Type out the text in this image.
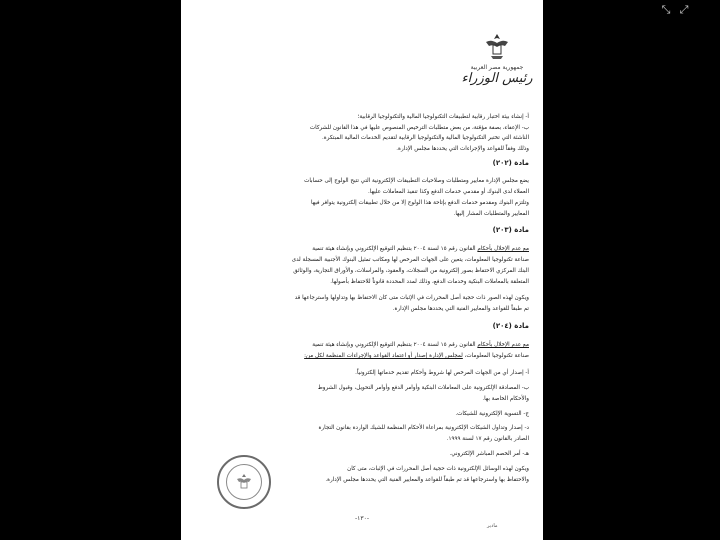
⤡ ⤢
جمهورية مصر العربية
رئيس الوزراء
أ- إنشاء بيئة اختبار رقابية لتطبيقات التكنولوجيا المالية والتكنولوجيا الرقابية؛
ب- الإعفاء، بصفة مؤقتة، من بعض متطلبات الترخيص المنصوص عليها في هذا القانون للشركات
الناشئة التي تختبر التكنولوجيا المالية والتكنولوجيا الرقابية لتقديم الخدمات المالية المبتكرة.
وذلك وفقاً للقواعد والإجراءات التي يحددها مجلس الإدارة.
مادة (٢٠٢)
يضع مجلس الإدارة معايير ومتطلبات وصلاحيات التطبيقات الإلكترونية التي تتيح الولوج إلى حسابات
العملاء لدى البنوك أو مقدمي خدمات الدفع وكذا تنفيذ المعاملات عليها.
وتلتزم البنوك ومقدمو خدمات الدفع بإتاحة هذا الولوج إلا من خلال تطبيقات إلكترونية يتوافر فيها
المعايير والمتطلبات المشار إليها.
مادة (٢٠٣)
مع عدم الإخلال بأحكام القانون رقم ١٥ لسنة ٢٠٠٤ بتنظيم التوقيع الإلكتروني وبإنشاء هيئة تنمية
صناعة تكنولوجيا المعلومات، يتعين على الجهات المرخص لها ومكاتب تمثيل البنوك الأجنبية المسجلة لدى
البنك المركزي الاحتفاظ بصور إلكترونية من السجلات، والعقود، والمراسلات، والأوراق التجارية، والوثائق
المتعلقة بالمعاملات البنكية وخدمات الدفع، وذلك لمدد المحددة قانوناً للاحتفاظ بأصولها.
ويكون لهذه الصور ذات حجية أصل المحررات في الإثبات متى كان الاحتفاظ بها وتداولها واسترجاعها قد
تم طبقاً للقواعد والمعايير الفنية التي يحددها مجلس الإدارة.
مادة (٢٠٤)
مع عدم الإخلال بأحكام القانون رقم ١٥ لسنة ٢٠٠٤ بتنظيم التوقيع الإلكتروني وبإنشاء هيئة تنمية
صناعة تكنولوجيا المعلومات، لمجلس الإدارة إصدار أو اعتماد القواعد والإجراءات المنظمة لكل من:
أ- إصدار أي من الجهات المرخص لها شروط وأحكام تقديم خدماتها إلكترونياً.
ب- المصادقة الإلكترونية على المعاملات البنكية وأوامر الدفع وأوامر التحويل، وقبول الشروط
والأحكام الخاصة بها.
ج- التسوية الإلكترونية للشيكات.
د- إصدار وتداول الشيكات الإلكترونية بمراعاة الأحكام المنظمة للشيك الواردة بقانون التجارة
الصادر بالقانون رقم ١٧ لسنة ١٩٩٩.
هـ- أمر الخصم المباشر الإلكتروني.
ويكون لهذه الوسائل الإلكترونية ذات حجية أصل المحررات في الإثبات، متى كان
والاحتفاظ بها واسترجاعها قد تم طبقاً للقواعد والمعايير الفنية التي يحددها مجلس الإدارة.
-١٣٠-
مادير
